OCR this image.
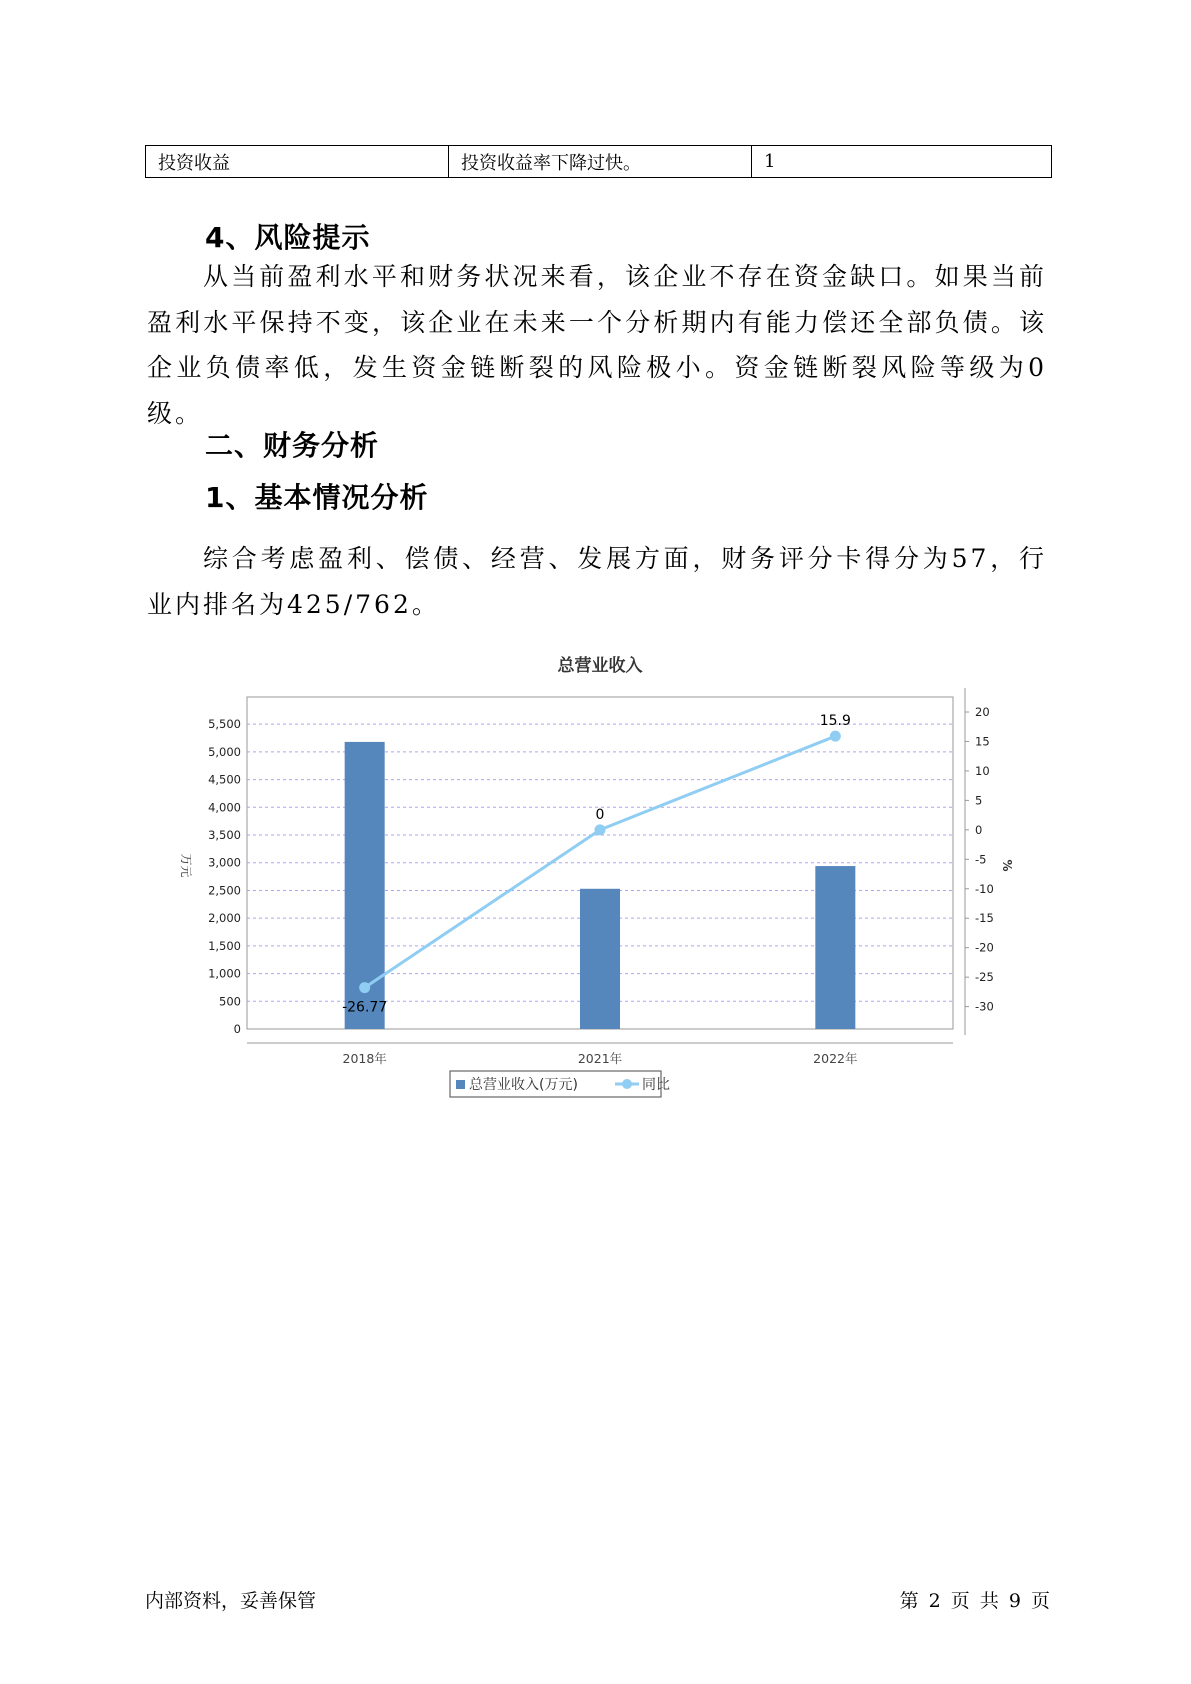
投资收益	投资收益率下降过快。	1
4、风险提示

从当前盈利水平和财务状况来看，该企业不存在资金缺口。如果当前盈利水平保持不变，该企业在未来一个分析期内有能力偿还全部负债。该企业负债率低，发生资金链断裂的风险极小。资金链断裂风险等级为0级。

二、财务分析
1、基本情况分析

综合考虑盈利、偿债、经营、发展方面，财务评分卡得分为57，行业内排名为425/762。

总营业收入
0
500
1,000
1,500
2,000
2,500
3,000
3,500
4,000
4,500
5,000
5,500
万元
-30
-25
-20
-15
-10
-5
0
5
10
15
20
%
2018年	2021年	2022年
-26.77
0
15.9
总营业收入(万元)	同比
内部资料，妥善保管	第 2 页 共 9 页
